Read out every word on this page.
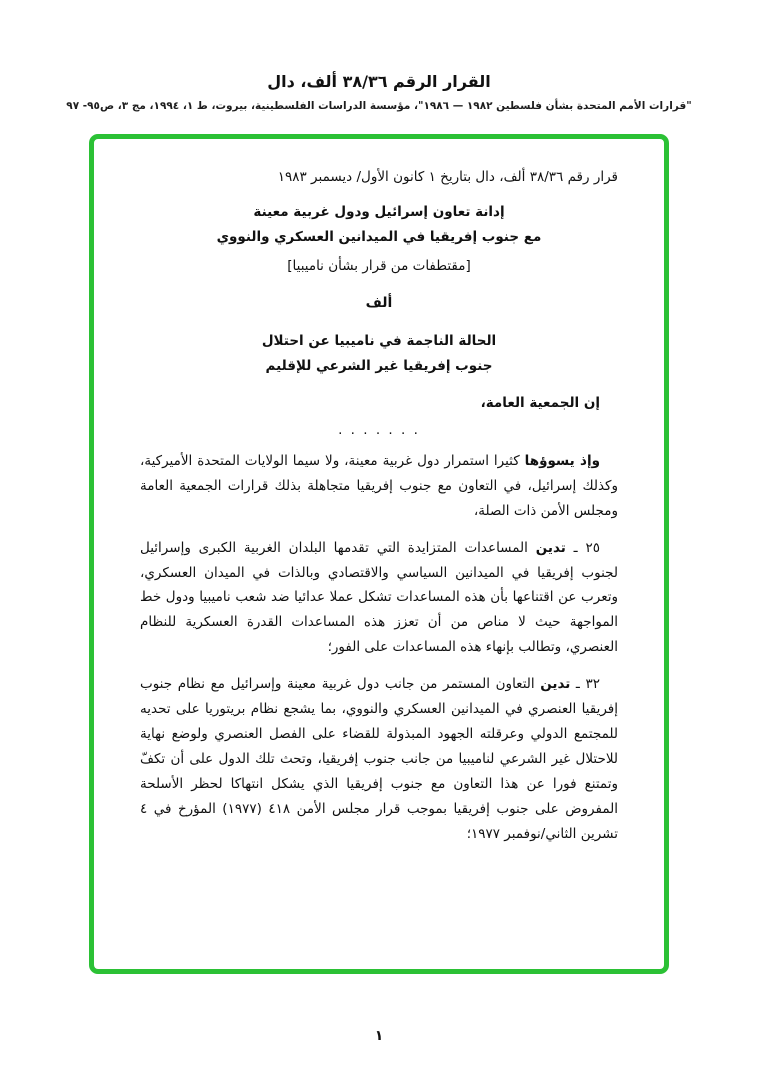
القرار الرقم ٣٨/٣٦ ألف، دال
"قرارات الأمم المتحدة بشأن فلسطين ١٩٨٢ — ١٩٨٦"، مؤسسة الدراسات الفلسطينية، بيروت، ط ١، ١٩٩٤، مج ٣، ص٩٥- ٩٧

قرار رقم ٣٨/٣٦ ألف، دال بتاريخ ١ كانون الأول/ ديسمبر ١٩٨٣

إدانة تعاون إسرائيل ودول غربية معينة
مع جنوب إفريقيا في الميدانين العسكري والنووي
[مقتطفات من قرار بشأن ناميبيا]
ألف
الحالة الناجمة في ناميبيا عن احتلال
جنوب إفريقيا غير الشرعي للإقليم

إن الجمعية العامة،

. . . . . . .

وإذ يسوؤها كثيرا استمرار دول غربية معينة، ولا سيما الولايات المتحدة الأميركية، وكذلك إسرائيل، في التعاون مع جنوب إفريقيا متجاهلة بذلك قرارات الجمعية العامة ومجلس الأمن ذات الصلة،

٢٥ ـ تدين المساعدات المتزايدة التي تقدمها البلدان الغربية الكبرى وإسرائيل لجنوب إفريقيا في الميدانين السياسي والاقتصادي وبالذات في الميدان العسكري، وتعرب عن اقتناعها بأن هذه المساعدات تشكل عملا عدائيا ضد شعب ناميبيا ودول خط المواجهة حيث لا مناص من أن تعزز هذه المساعدات القدرة العسكرية للنظام العنصري، وتطالب بإنهاء هذه المساعدات على الفور؛

٣٢ ـ تدين التعاون المستمر من جانب دول غربية معينة وإسرائيل مع نظام جنوب إفريقيا العنصري في الميدانين العسكري والنووي، بما يشجع نظام بريتوريا على تحديه للمجتمع الدولي وعرقلته الجهود المبذولة للقضاء على الفصل العنصري ولوضع نهاية للاحتلال غير الشرعي لناميبيا من جانب جنوب إفريقيا، وتحث تلك الدول على أن تكفّ وتمتنع فورا عن هذا التعاون مع جنوب إفريقيا الذي يشكل انتهاكا لحظر الأسلحة المفروض على جنوب إفريقيا بموجب قرار مجلس الأمن ٤١٨ (١٩٧٧) المؤرخ في ٤ تشرين الثاني/نوفمبر ١٩٧٧؛

١
